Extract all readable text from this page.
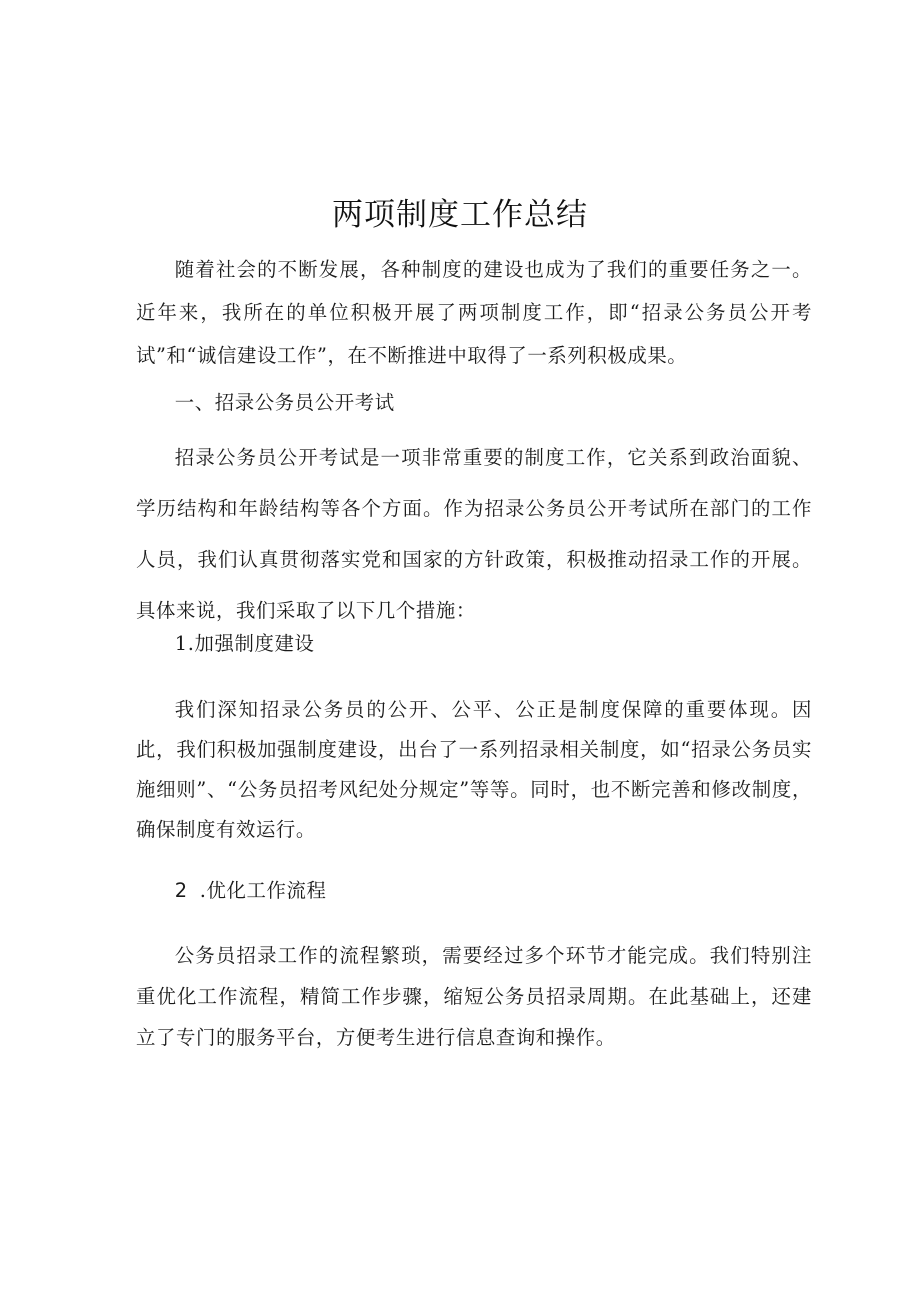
两项制度工作总结

随着社会的不断发展，各种制度的建设也成为了我们的重要任务之一。近年来，我所在的单位积极开展了两项制度工作，即“招录公务员公开考试”和“诚信建设工作”，在不断推进中取得了一系列积极成果。

一、招录公务员公开考试

招录公务员公开考试是一项非常重要的制度工作，它关系到政治面貌、学历结构和年龄结构等各个方面。作为招录公务员公开考试所在部门的工作人员，我们认真贯彻落实党和国家的方针政策，积极推动招录工作的开展。具体来说，我们采取了以下几个措施：

1.加强制度建设

我们深知招录公务员的公开、公平、公正是制度保障的重要体现。因此，我们积极加强制度建设，出台了一系列招录相关制度，如“招录公务员实施细则”、“公务员招考风纪处分规定”等等。同时，也不断完善和修改制度，确保制度有效运行。

2 .优化工作流程

公务员招录工作的流程繁琐，需要经过多个环节才能完成。我们特别注重优化工作流程，精简工作步骤，缩短公务员招录周期。在此基础上，还建立了专门的服务平台，方便考生进行信息查询和操作。
